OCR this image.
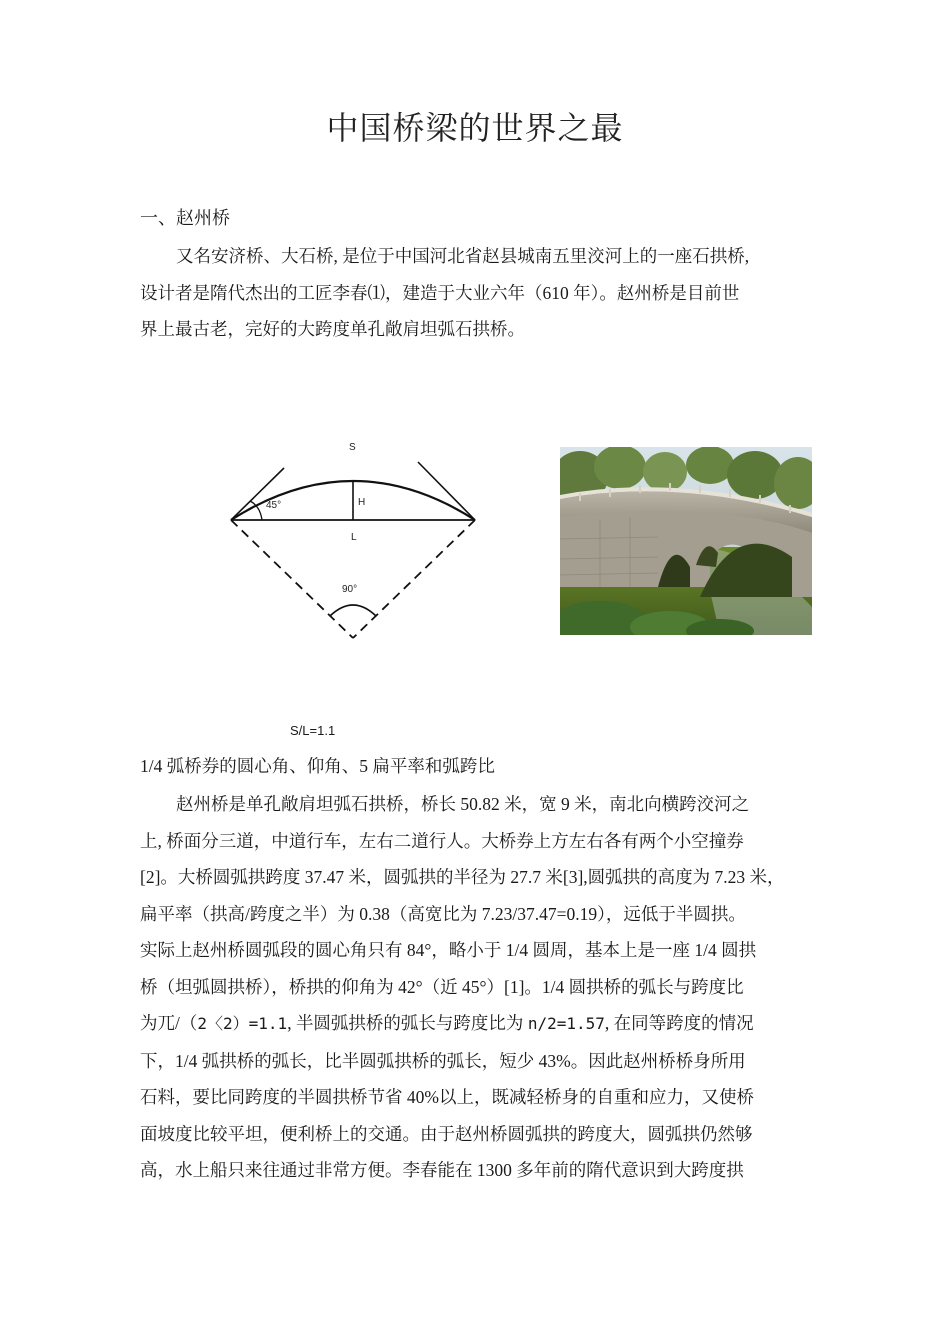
中国桥梁的世界之最
一、赵州桥
又名安济桥、大石桥, 是位于中国河北省赵县城南五里洨河上的一座石拱桥,
设计者是隋代杰出的工匠李春⑴，建造于大业六年（610 年）。赵州桥是目前世
界上最古老，完好的大跨度单孔敞肩坦弧石拱桥。
S
H
L
45°
90°
S/L=1.1
1/4 弧桥券的圆心角、仰角、5 扁平率和弧跨比
赵州桥是单孔敞肩坦弧石拱桥，桥长 50.82 米，宽 9 米，南北向横跨洨河之
上, 桥面分三道，中道行车，左右二道行人。大桥券上方左右各有两个小空撞券
[2]。大桥圆弧拱跨度 37.47 米，圆弧拱的半径为 27.7 米[3],圆弧拱的高度为 7.23 米，
扁平率（拱高/跨度之半）为 0.38（高宽比为 7.23/37.47=0.19），远低于半圆拱。
实际上赵州桥圆弧段的圆心角只有 84°，略小于 1/4 圆周，基本上是一座 1/4 圆拱
桥（坦弧圆拱桥），桥拱的仰角为 42°（近 45°）[1]。1/4 圆拱桥的弧长与跨度比
为兀/（2〈2）=1.1, 半圆弧拱桥的弧长与跨度比为 n/2=1.57, 在同等跨度的情况
下，1/4 弧拱桥的弧长，比半圆弧拱桥的弧长，短少 43%。因此赵州桥桥身所用
石料，要比同跨度的半圆拱桥节省 40%以上，既减轻桥身的自重和应力，又使桥
面坡度比较平坦，便利桥上的交通。由于赵州桥圆弧拱的跨度大，圆弧拱仍然够
高，水上船只来往通过非常方便。李春能在 1300 多年前的隋代意识到大跨度拱
